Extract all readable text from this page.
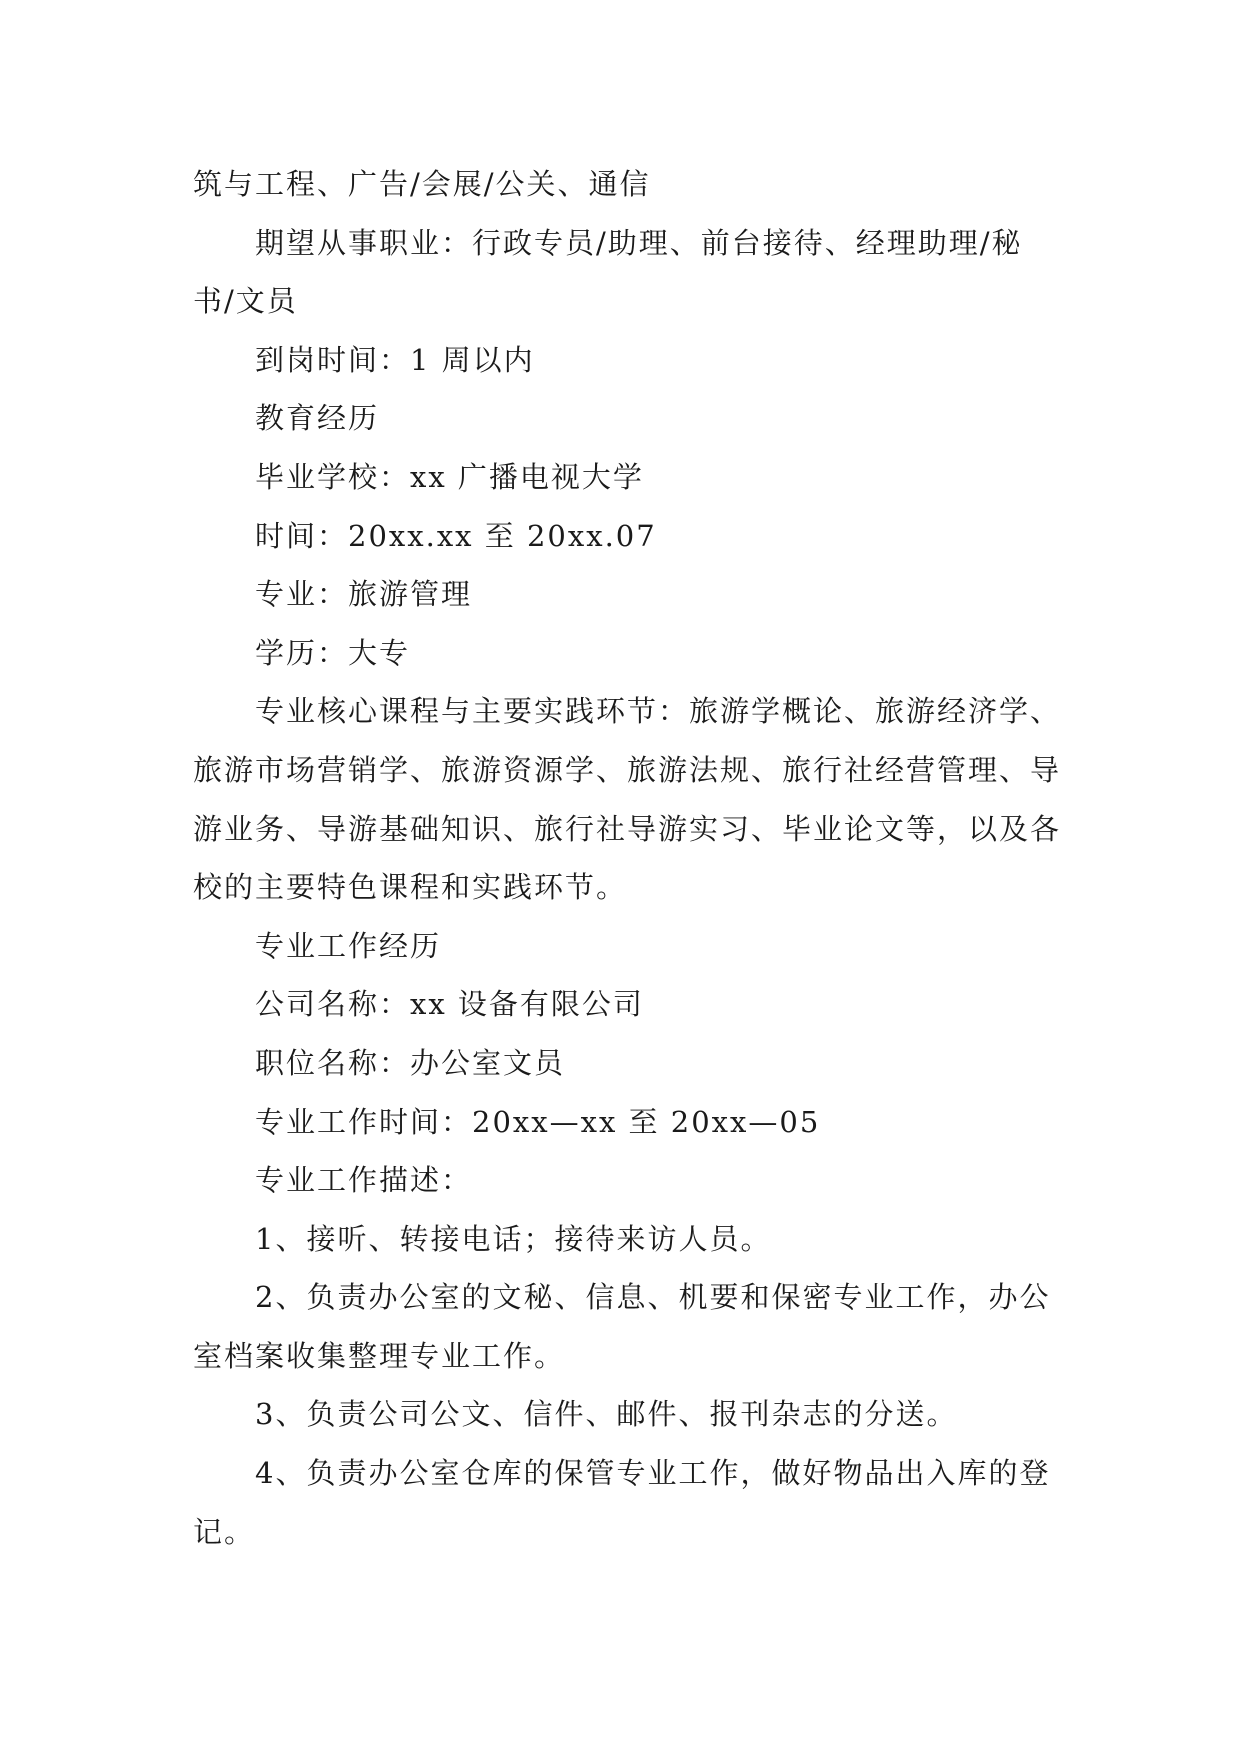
筑与工程、广告/会展/公关、通信

期望从事职业：行政专员/助理、前台接待、经理助理/秘书/文员

到岗时间：1 周以内

教育经历

毕业学校：xx 广播电视大学

时间：20xx.xx 至 20xx.07

专业：旅游管理

学历：大专

专业核心课程与主要实践环节：旅游学概论、旅游经济学、旅游市场营销学、旅游资源学、旅游法规、旅行社经营管理、导游业务、导游基础知识、旅行社导游实习、毕业论文等，以及各校的主要特色课程和实践环节。

专业工作经历

公司名称：xx 设备有限公司

职位名称：办公室文员

专业工作时间：20xx—xx 至 20xx—05

专业工作描述：

1、接听、转接电话；接待来访人员。

2、负责办公室的文秘、信息、机要和保密专业工作，办公室档案收集整理专业工作。

3、负责公司公文、信件、邮件、报刊杂志的分送。

4、负责办公室仓库的保管专业工作，做好物品出入库的登记。
